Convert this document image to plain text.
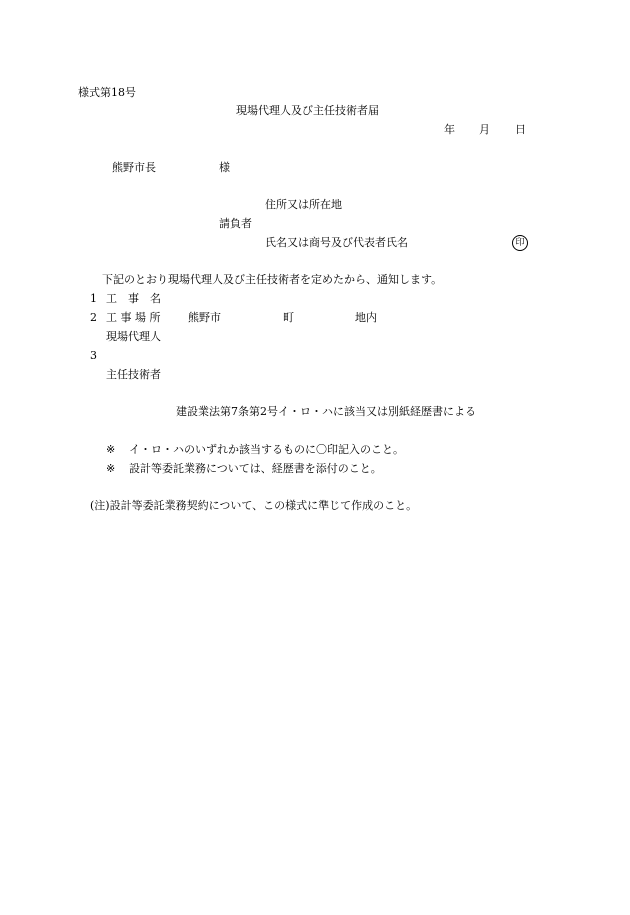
様式第18号
現場代理人及び主任技術者届
年 月 日
熊野市長	様
住所又は所在地
請負者
氏名又は商号及び代表者氏名	印
下記のとおり現場代理人及び主任技術者を定めたから、通知します。
1 工　事　名
2 工 事 場 所	熊野市	町	地内
現場代理人
3
主任技術者
建設業法第7条第2号イ・ロ・ハに該当又は別紙経歴書による
※ イ・ロ・ハのいずれか該当するものに〇印記入のこと。
※ 設計等委託業務については、経歴書を添付のこと。
(注)設計等委託業務契約について、この様式に準じて作成のこと。
